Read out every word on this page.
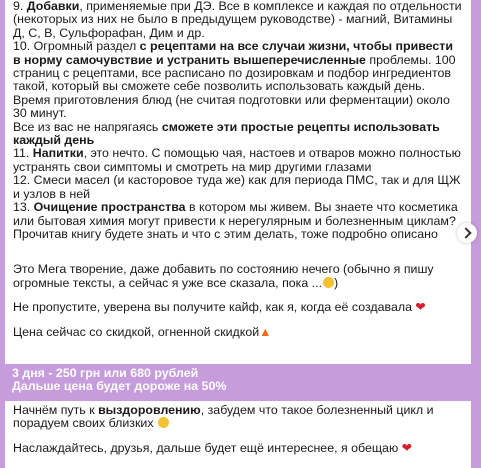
9. Добавки, применяемые при ДЭ. Все в комплексе и каждая по отдельности (некоторых из них не было в предыдущем руководстве) - магний, Витамины Д, С, В, Сульфорафан, Дим и др.

10. Огромный раздел с рецептами на все случаи жизни, чтобы привести в норму самочувствие и устранить вышеперечисленные проблемы. 100 страниц с рецептами, все расписано по дозировкам и подбор ингредиентов такой, который вы сможете себе позволить использовать каждый день. Время приготовления блюд (не считая подготовки или ферментации) около 30 минут.

Все из вас не напрягаясь сможете эти простые рецепты использовать каждый день

11. Напитки, это нечто. С помощью чая, настоев и отваров можно полностью устранять свои симптомы и смотреть на мир другими глазами

12. Смеси масел (и касторовое туда же) как для периода ПМС, так и для ЩЖ и узлов в ней

13. Очищение пространства в котором мы живем. Вы знаете что косметика или бытовая химия могут привести к нерегулярным и болезненным циклам? Прочитав книгу будете знать и что с этим делать, тоже подробно описано

Это Мега творение, даже добавить по состоянию нечего (обычно я пишу огромные тексты, а сейчас я уже все сказала, пока ... )

Не пропустите, уверена вы получите кайф, как я, когда её создавала ❤

Цена сейчас со скидкой, огненной скидкой▲

3 дня - 250 грн или 680 рублей
Дальше цена будет дороже на 50%

Начнём путь к выздоровлению, забудем что такое болезненный цикл и порадуем своих близких

Наслаждайтесь, друзья, дальше будет ещё интереснее, я обещаю ❤
